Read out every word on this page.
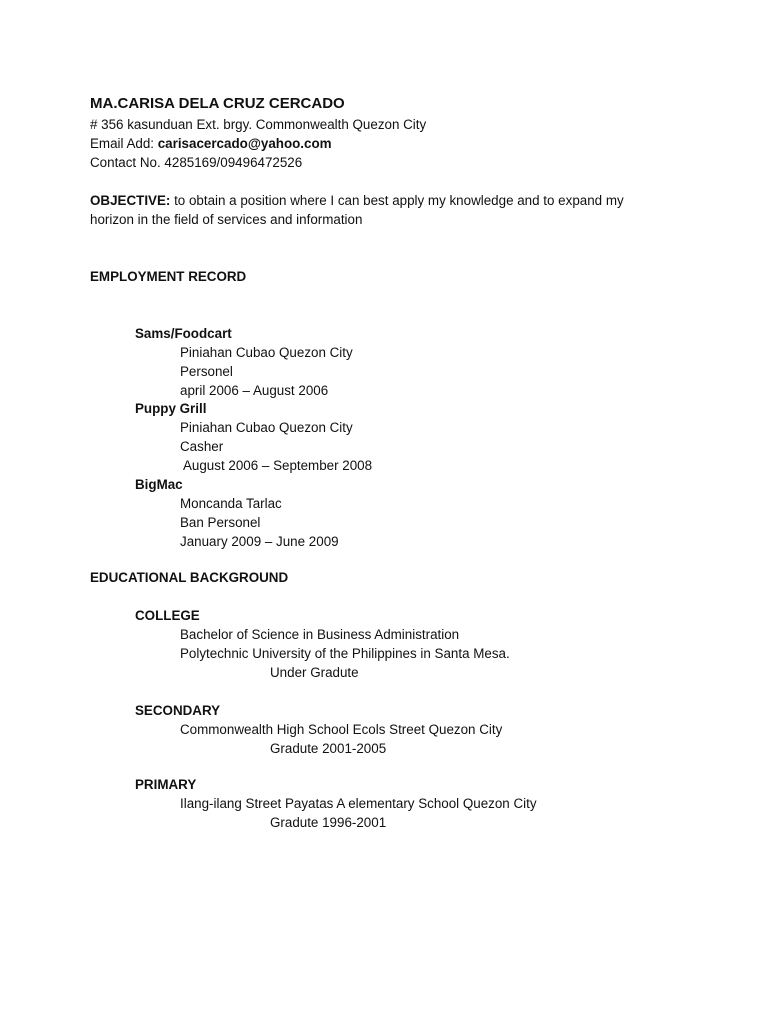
MA.CARISA DELA CRUZ CERCADO
# 356 kasunduan Ext. brgy. Commonwealth Quezon City
Email Add: carisacercado@yahoo.com
Contact No. 4285169/09496472526
OBJECTIVE: to obtain a position where I can best apply my knowledge and to expand my
horizon in the field of services and information
EMPLOYMENT RECORD
Sams/Foodcart
Piniahan Cubao Quezon City
Personel
april 2006 – August 2006
Puppy Grill
Piniahan Cubao Quezon City
Casher
August 2006 – September 2008
BigMac
Moncanda Tarlac
Ban Personel
January 2009 – June 2009
EDUCATIONAL BACKGROUND
COLLEGE
Bachelor of Science in Business Administration
Polytechnic University of the Philippines in Santa Mesa.
Under Gradute
SECONDARY
Commonwealth High School Ecols Street Quezon City
Gradute 2001-2005
PRIMARY
Ilang-ilang Street Payatas A elementary School Quezon City
Gradute 1996-2001
